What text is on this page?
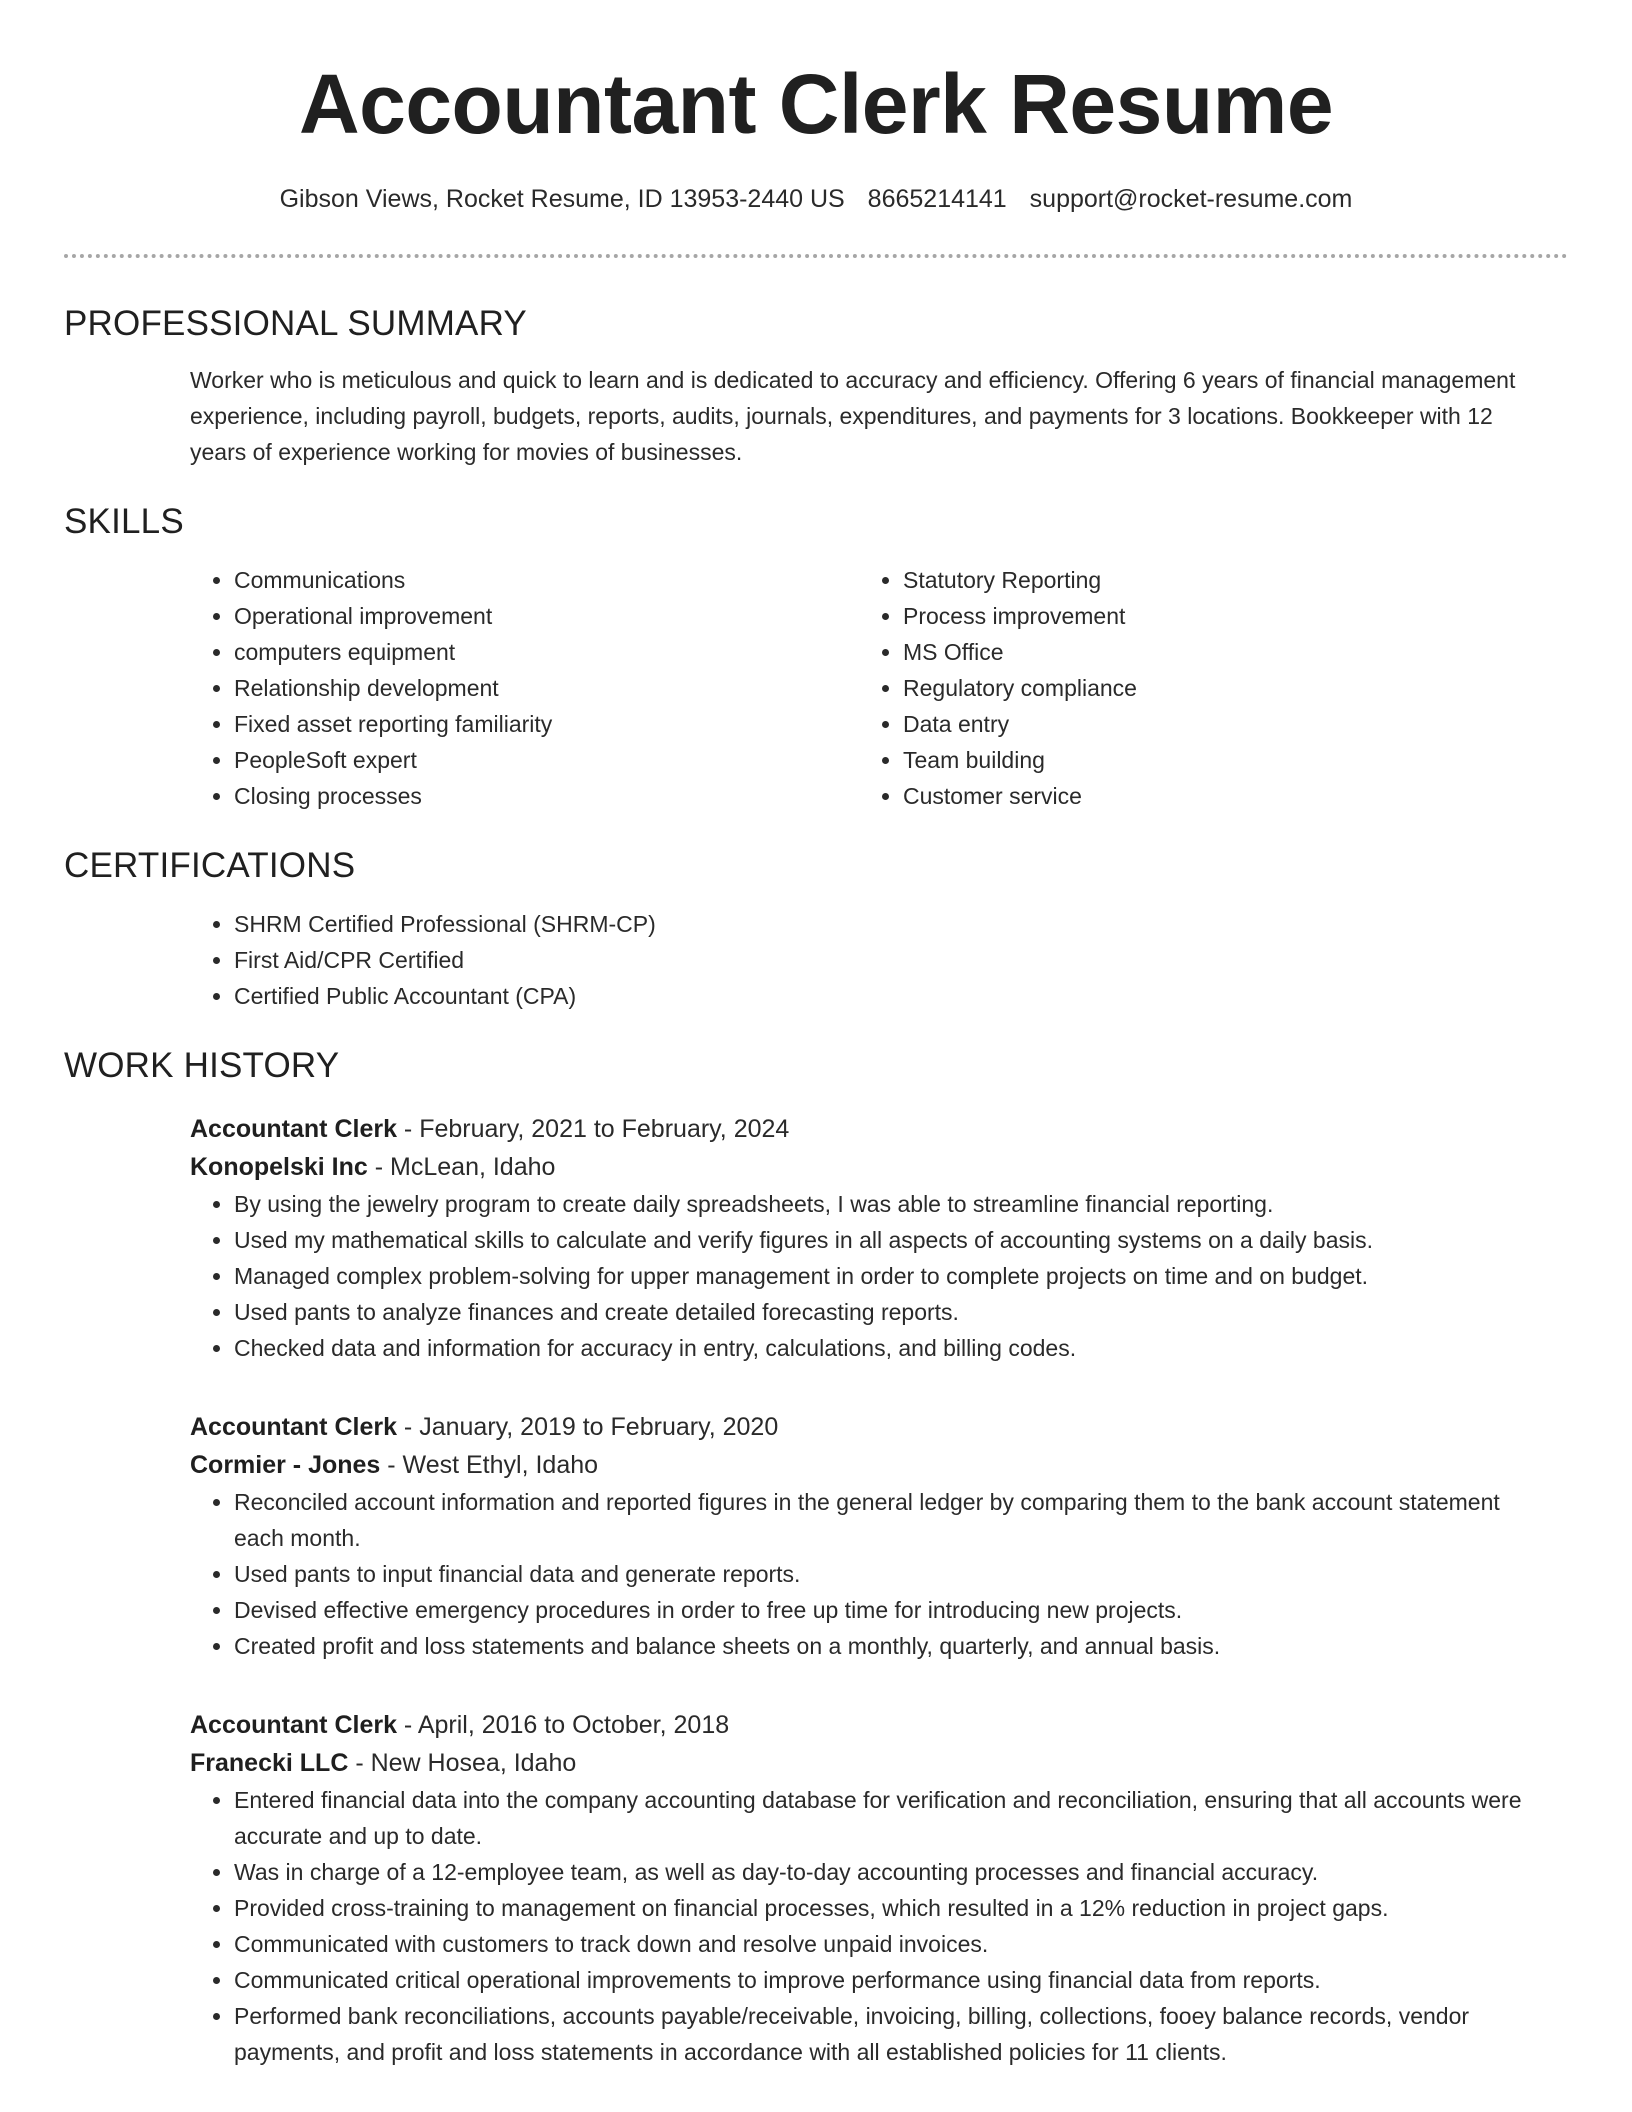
Accountant Clerk Resume
Gibson Views, Rocket Resume, ID 13953-2440 US 8665214141 support@rocket-resume.com
PROFESSIONAL SUMMARY

Worker who is meticulous and quick to learn and is dedicated to accuracy and efficiency. Offering 6 years of financial management experience, including payroll, budgets, reports, audits, journals, expenditures, and payments for 3 locations. Bookkeeper with 12 years of experience working for movies of businesses.

SKILLS
• Communications
• Operational improvement
• computers equipment
• Relationship development
• Fixed asset reporting familiarity
• PeopleSoft expert
• Closing processes
• Statutory Reporting
• Process improvement
• MS Office
• Regulatory compliance
• Data entry
• Team building
• Customer service
CERTIFICATIONS
• SHRM Certified Professional (SHRM-CP)
• First Aid/CPR Certified
• Certified Public Accountant (CPA)
WORK HISTORY
Accountant Clerk - February, 2021 to February, 2024
Konopelski Inc - McLean, Idaho
• By using the jewelry program to create daily spreadsheets, I was able to streamline financial reporting.
• Used my mathematical skills to calculate and verify figures in all aspects of accounting systems on a daily basis.
• Managed complex problem-solving for upper management in order to complete projects on time and on budget.
• Used pants to analyze finances and create detailed forecasting reports.
• Checked data and information for accuracy in entry, calculations, and billing codes.
Accountant Clerk - January, 2019 to February, 2020
Cormier - Jones - West Ethyl, Idaho
• Reconciled account information and reported figures in the general ledger by comparing them to the bank account statement each month.
• Used pants to input financial data and generate reports.
• Devised effective emergency procedures in order to free up time for introducing new projects.
• Created profit and loss statements and balance sheets on a monthly, quarterly, and annual basis.
Accountant Clerk - April, 2016 to October, 2018
Franecki LLC - New Hosea, Idaho
• Entered financial data into the company accounting database for verification and reconciliation, ensuring that all accounts were accurate and up to date.
• Was in charge of a 12-employee team, as well as day-to-day accounting processes and financial accuracy.
• Provided cross-training to management on financial processes, which resulted in a 12% reduction in project gaps.
• Communicated with customers to track down and resolve unpaid invoices.
• Communicated critical operational improvements to improve performance using financial data from reports.
• Performed bank reconciliations, accounts payable/receivable, invoicing, billing, collections, fooey balance records, vendor payments, and profit and loss statements in accordance with all established policies for 11 clients.
